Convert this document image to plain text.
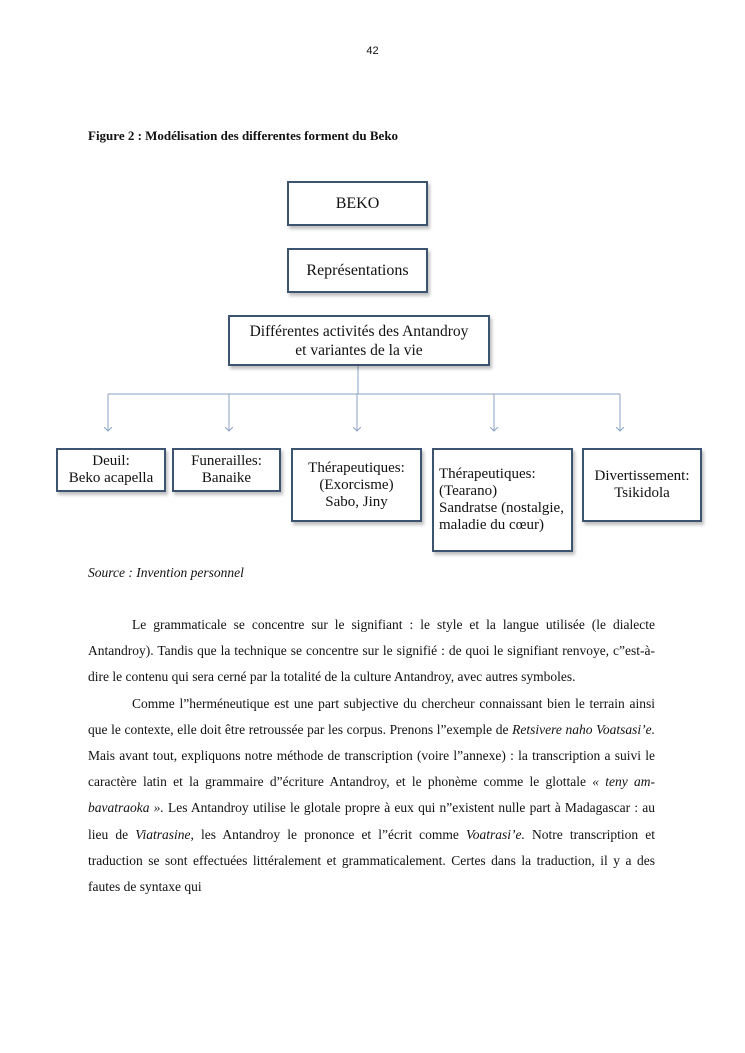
42
Figure 2 : Modélisation des differentes forment du Beko
BEKO
Représentations
Différentes activités des Antandroy
et variantes de la vie
Deuil:
Beko acapella
Funerailles:
Banaike
Thérapeutiques:
(Exorcisme)
Sabo, Jiny
Thérapeutiques:
(Tearano)
Sandratse (nostalgie,
maladie du cœur)
Divertissement:
Tsikidola
Source : Invention personnel

Le grammaticale se concentre sur le signifiant : le style et la langue utilisée (le dialecte Antandroy). Tandis que la technique se concentre sur le signifié : de quoi le signifiant renvoye, c”est-à-dire le contenu qui sera cerné par la totalité de la culture Antandroy, avec autres symboles.

Comme l”herméneutique est une part subjective du chercheur connaissant bien le terrain ainsi que le contexte, elle doit être retroussée par les corpus. Prenons l”exemple de Retsivere naho Voatsasi’e. Mais avant tout, expliquons notre méthode de transcription (voire l”annexe) : la transcription a suivi le caractère latin et la grammaire d”écriture Antandroy, et le phonème comme le glottale « teny am-bavatraoka ». Les Antandroy utilise le glotale propre à eux qui n”existent nulle part à Madagascar : au lieu de Viatrasine, les Antandroy le prononce et l”écrit comme Voatrasi’e. Notre transcription et traduction se sont effectuées littéralement et grammaticalement. Certes dans la traduction, il y a des fautes de syntaxe qui
